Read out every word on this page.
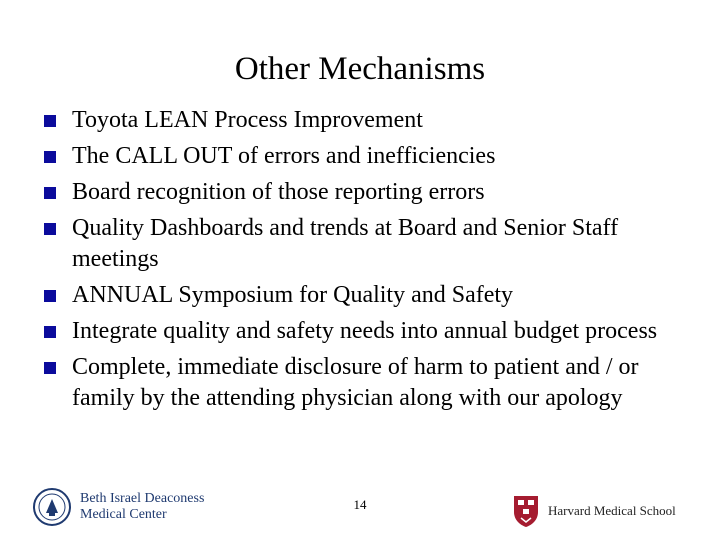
Other Mechanisms
Toyota LEAN Process Improvement
The CALL OUT of errors and inefficiencies
Board recognition of those reporting errors
Quality Dashboards and trends at Board and Senior Staff meetings
ANNUAL Symposium for Quality and Safety
Integrate quality and safety needs into annual budget process
Complete, immediate disclosure of harm to patient and / or family by the attending physician along with our apology
Beth Israel Deaconess
Medical Center
14	Harvard Medical School
